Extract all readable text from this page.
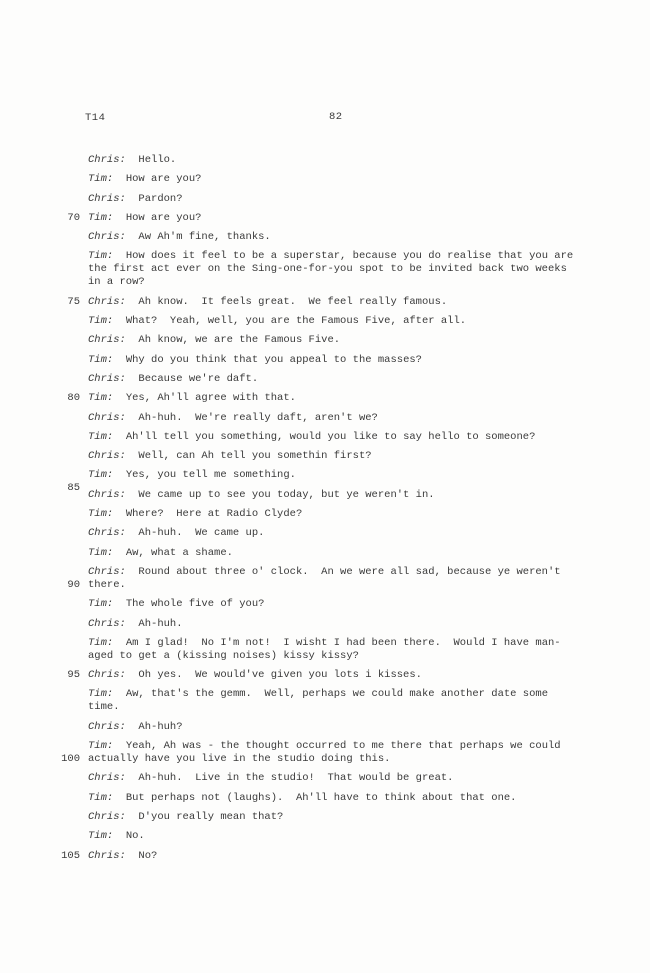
T14	82
Chris:  Hello.
Tim:  How are you?
Chris:  Pardon?
70 Tim:  How are you?
Chris:  Aw Ah'm fine, thanks.
Tim:  How does it feel to be a superstar, because you do realise that you are
the first act ever on the Sing-one-for-you spot to be invited back two weeks
in a row?
75 Chris:  Ah know.  It feels great.  We feel really famous.
Tim:  What?  Yeah, well, you are the Famous Five, after all.
Chris:  Ah know, we are the Famous Five.
Tim:  Why do you think that you appeal to the masses?
Chris:  Because we're daft.
80 Tim:  Yes, Ah'll agree with that.
Chris:  Ah-huh.  We're really daft, aren't we?
Tim:  Ah'll tell you something, would you like to say hello to someone?
Chris:  Well, can Ah tell you somethin first?
Tim:  Yes, you tell me something.
85
Chris:  We came up to see you today, but ye weren't in.
Tim:  Where?  Here at Radio Clyde?
Chris:  Ah-huh.  We came up.
Tim:  Aw, what a shame.
90
Chris:  Round about three o' clock.  An we were all sad, because ye weren't
there.
Tim:  The whole five of you?
Chris:  Ah-huh.
Tim:  Am I glad!  No I'm not!  I wisht I had been there.  Would I have man-
aged to get a (kissing noises) kissy kissy?
95 Chris:  Oh yes.  We would've given you lots i kisses.
Tim:  Aw, that's the gemm.  Well, perhaps we could make another date some
time.
Chris:  Ah-huh?
100
Tim:  Yeah, Ah was - the thought occurred to me there that perhaps we could
actually have you live in the studio doing this.
Chris:  Ah-huh.  Live in the studio!  That would be great.
Tim:  But perhaps not (laughs).  Ah'll have to think about that one.
Chris:  D'you really mean that?
Tim:  No.
105 Chris:  No?
